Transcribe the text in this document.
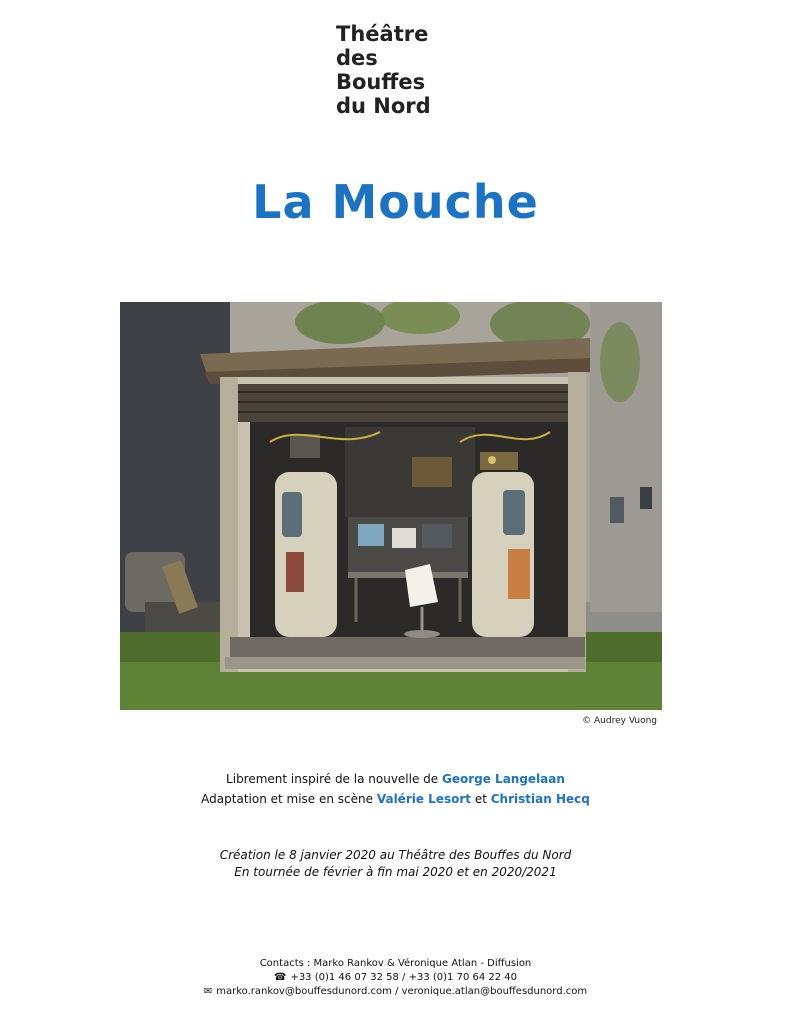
Théâtre
des
Bouffes
du Nord
La Mouche
© Audrey Vuong
Librement inspiré de la nouvelle de George Langelaan
Adaptation et mise en scène Valérie Lesort et Christian Hecq
Création le 8 janvier 2020 au Théâtre des Bouffes du Nord
En tournée de février à fin mai 2020 et en 2020/2021
Contacts : Marko Rankov & Véronique Atlan - Diffusion
☎ +33 (0)1 46 07 32 58 / +33 (0)1 70 64 22 40
✉ marko.rankov@bouffesdunord.com / veronique.atlan@bouffesdunord.com
